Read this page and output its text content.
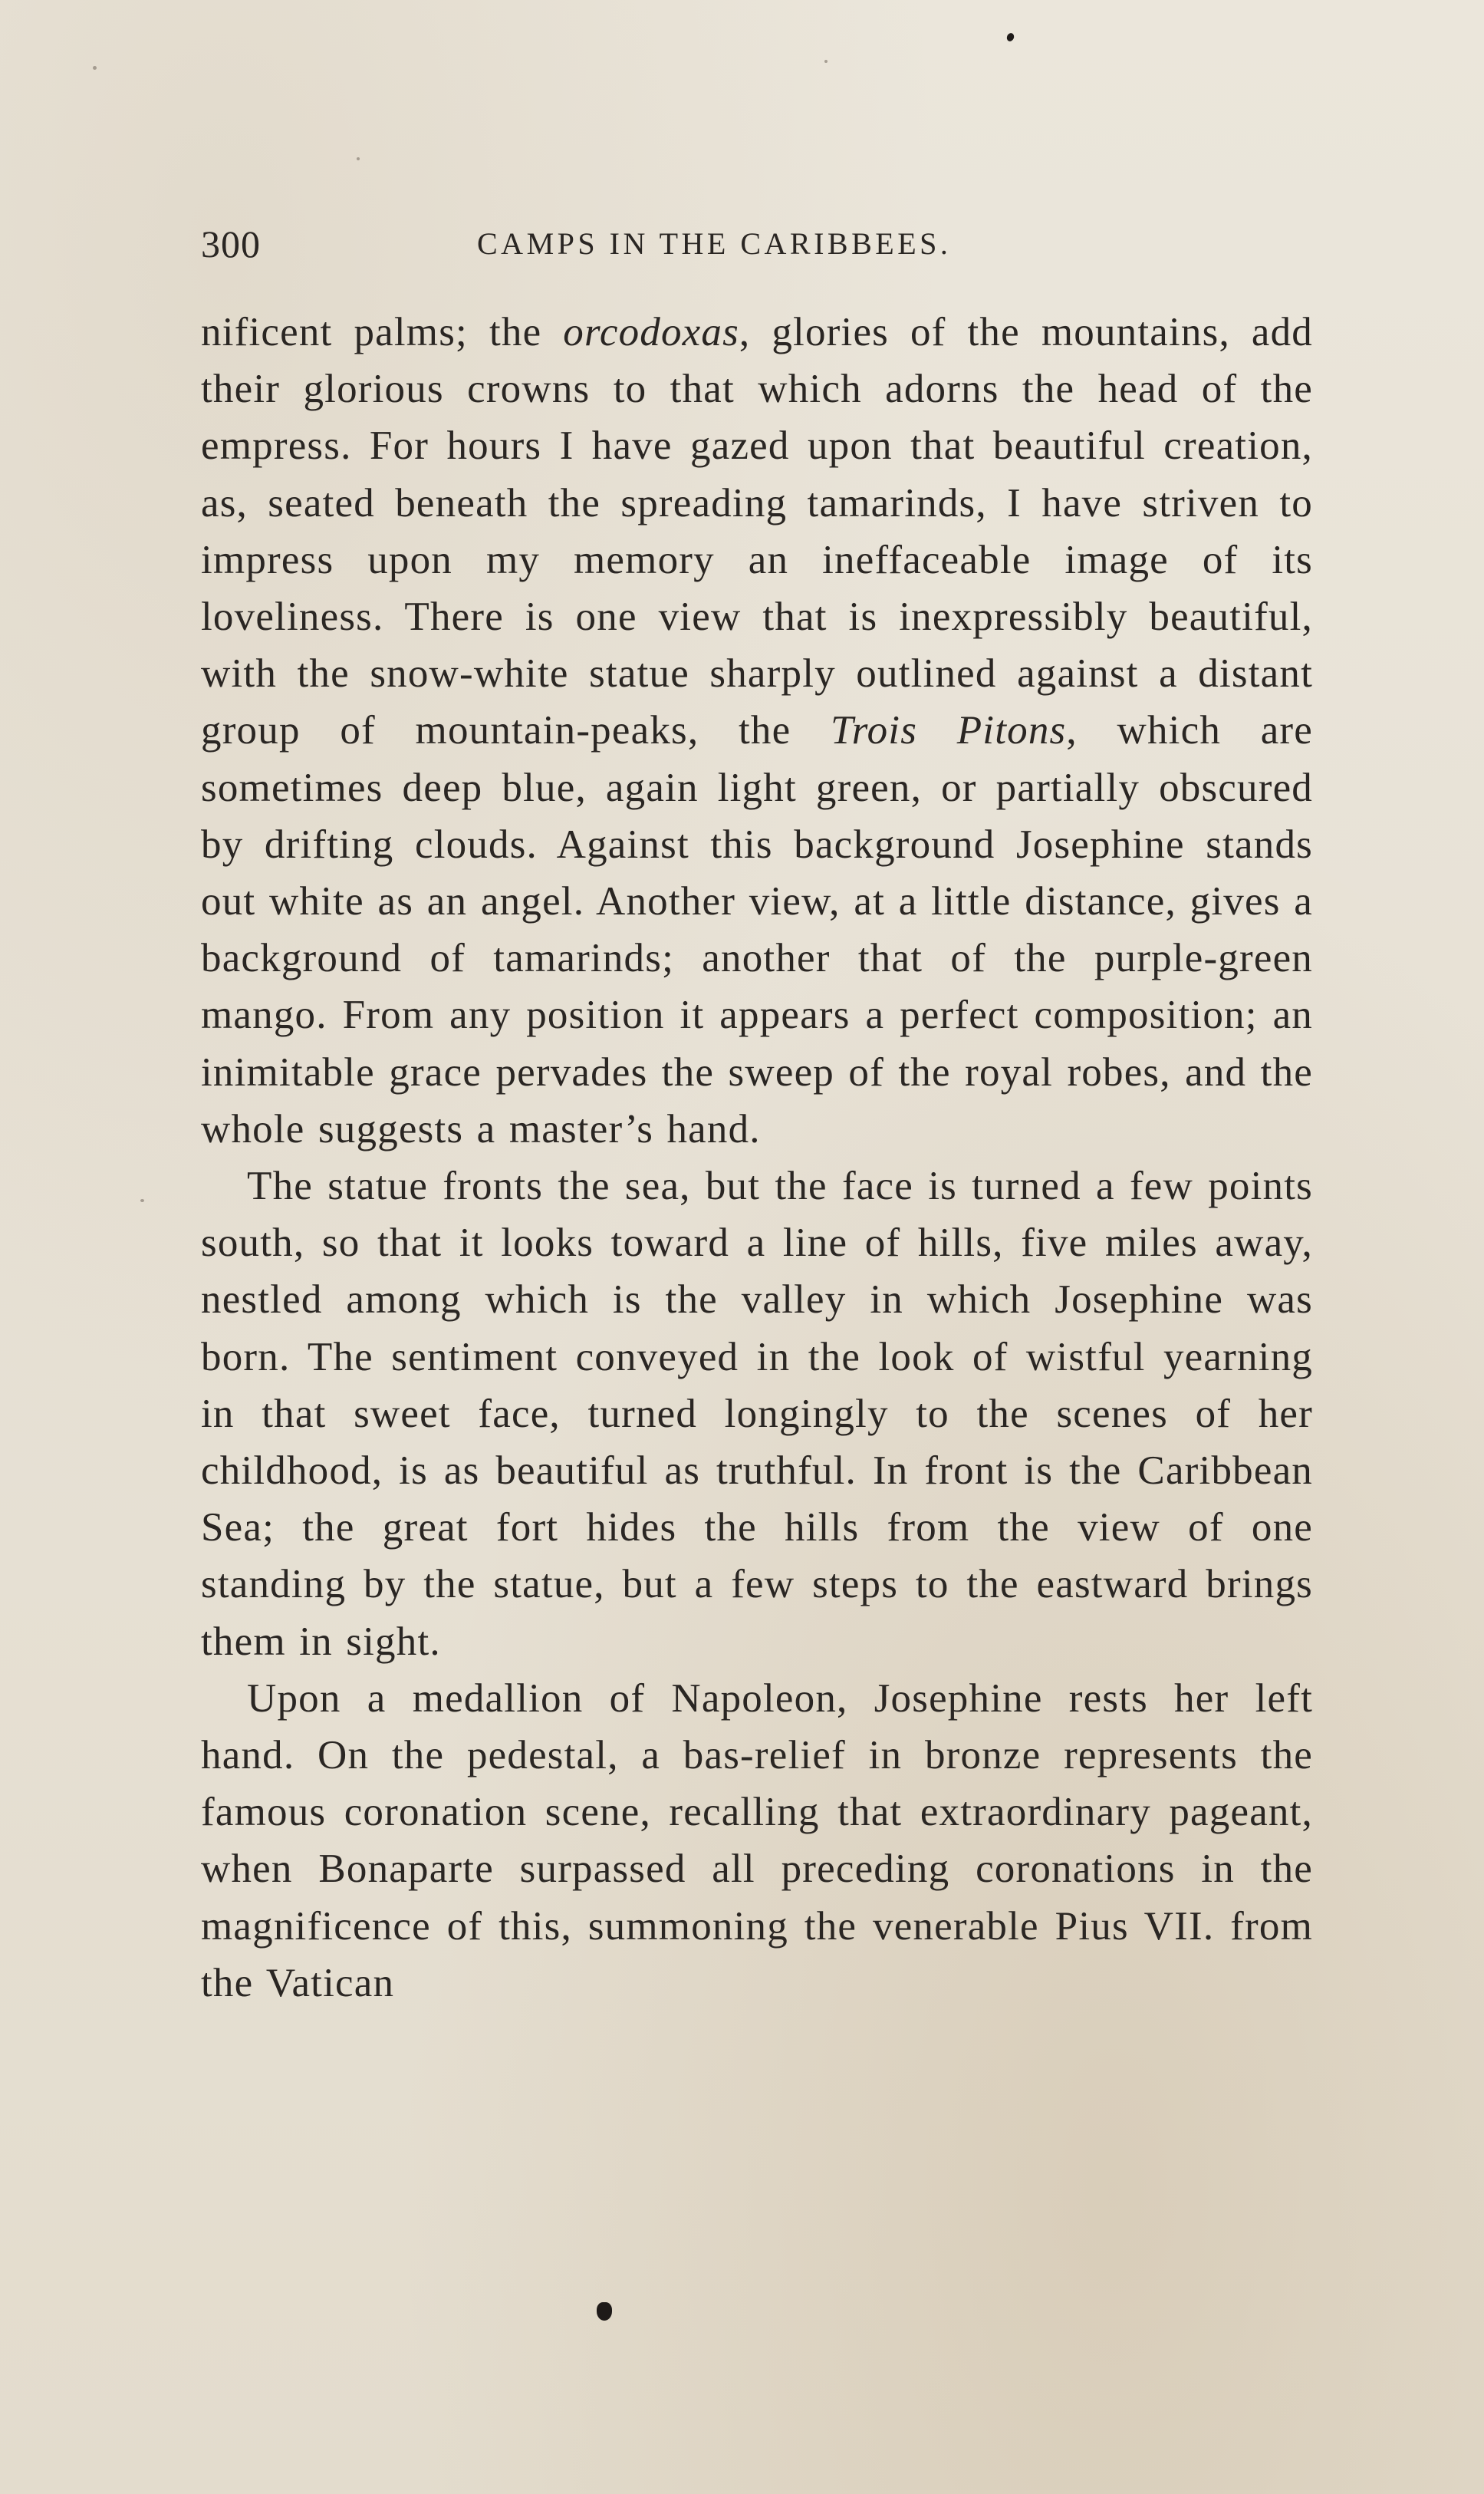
300	CAMPS IN THE CARIBBEES.

nificent palms; the orcodoxas, glories of the mountains, add their glorious crowns to that which adorns the head of the empress. For hours I have gazed upon that beautiful creation, as, seated beneath the spreading tamarinds, I have striven to impress upon my memory an ineffaceable image of its loveliness. There is one view that is inexpressibly beautiful, with the snow-white statue sharply outlined against a distant group of mountain-peaks, the Trois Pitons, which are sometimes deep blue, again light green, or partially obscured by drifting clouds. Against this background Josephine stands out white as an angel. Another view, at a little distance, gives a background of tamarinds; another that of the purple-green mango. From any position it appears a perfect composition; an inimitable grace pervades the sweep of the royal robes, and the whole suggests a master’s hand.

The statue fronts the sea, but the face is turned a few points south, so that it looks toward a line of hills, five miles away, nestled among which is the valley in which Josephine was born. The sentiment conveyed in the look of wistful yearning in that sweet face, turned longingly to the scenes of her childhood, is as beautiful as truthful. In front is the Caribbean Sea; the great fort hides the hills from the view of one standing by the statue, but a few steps to the eastward brings them in sight.

Upon a medallion of Napoleon, Josephine rests her left hand. On the pedestal, a bas-relief in bronze represents the famous coronation scene, recalling that extraordinary pageant, when Bonaparte surpassed all preceding coronations in the magnificence of this, summoning the venerable Pius VII. from the Vatican
